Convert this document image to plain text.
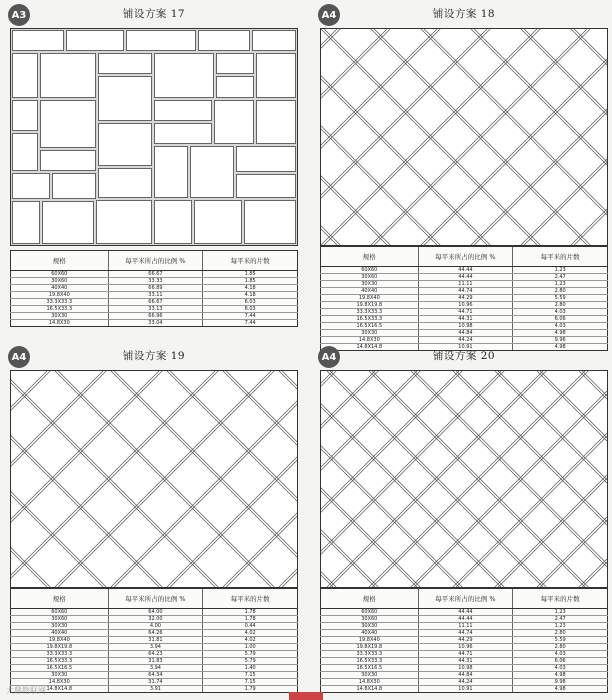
A3	铺设方案 17
规格	每平米所占的比例 %	每平米的片数
60X60	66.67	1.85
30X60	33.33	1.85
40X40	66.89	4.18
19.8X40	33.11	4.18
33.3X33.3	66.67	6.03
16.5X33.3	33.13	6.03
30X30	66.96	7.44
14.8X30	33.04	7.44
A4	铺设方案 18
规格	每平米所占的比例 %	每平米的片数
60X60	44.44	1.23
30X60	44.44	2.47
30X30	11.11	1.23
40X40	44.74	2.80
19.8X40	44.29	5.59
19.8X19.8	10.96	2.80
33.3X33.3	44.71	4.03
16.5X33.3	44.31	6.06
16.5X16.5	10.98	4.03
30X30	44.84	4.98
14.8X30	44.24	9.96
14.8X14.8	10.91	4.98
A4	铺设方案 19
规格	每平米所占的比例 %	每平米的片数
60X60	64.00	1.78
30X60	32.00	1.78
30X30	4.00	0.44
40X40	64.26	4.02
19.8X40	31.81	4.02
19.8X19.8	3.94	1.00
33.3X33.3	64.23	5.79
16.5X33.3	31.83	5.79
16.5X16.5	3.94	1.40
30X30	64.34	7.15
14.8X30	31.74	7.15
14.8X14.8	3.91	1.79
A4	铺设方案 20
规格	每平米所占的比例 %	每平米的片数
60X60	44.44	1.23
30X60	44.44	2.47
30X30	11.11	1.23
40X40	44.74	2.80
19.8X40	44.29	5.59
19.8X19.8	10.96	2.80
33.3X33.3	44.71	4.03
16.5X33.3	44.31	6.06
16.5X16.5	10.98	4.03
30X30	44.84	4.98
14.8X30	44.24	9.98
14.8X14.8	10.91	4.98
大鼎物联网
